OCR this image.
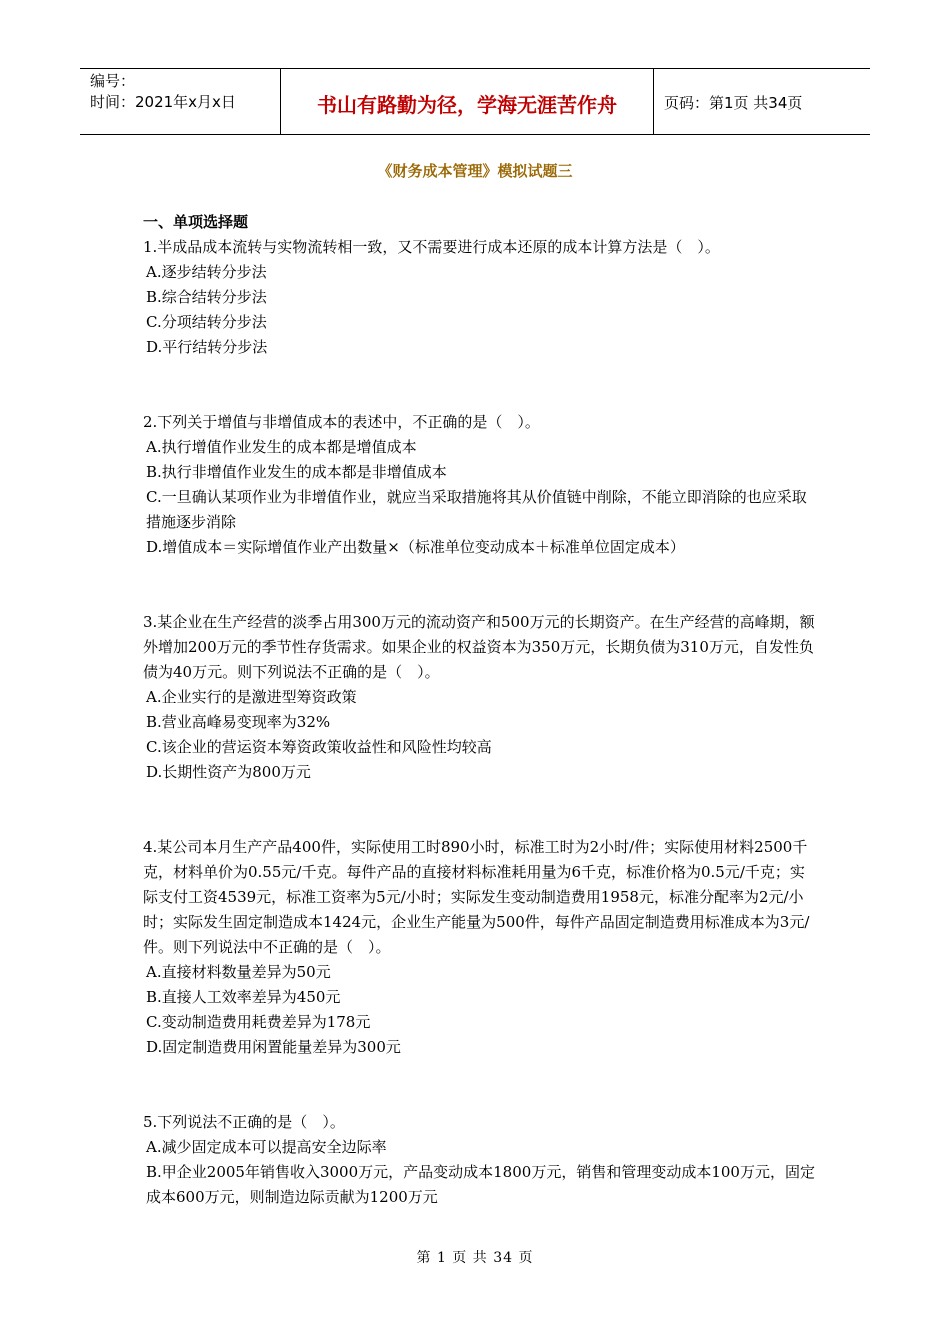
编号：
时间：2021年x月x日	书山有路勤为径，学海无涯苦作舟	页码：第1页 共34页
《财务成本管理》模拟试题三
一、单项选择题
1.半成品成本流转与实物流转相一致，又不需要进行成本还原的成本计算方法是（　）。
A.逐步结转分步法
B.综合结转分步法
C.分项结转分步法
D.平行结转分步法
2.下列关于增值与非增值成本的表述中，不正确的是（　）。
A.执行增值作业发生的成本都是增值成本
B.执行非增值作业发生的成本都是非增值成本
C.一旦确认某项作业为非增值作业，就应当采取措施将其从价值链中削除，不能立即消除的也应采取措施逐步消除
D.增值成本＝实际增值作业产出数量×（标准单位变动成本＋标准单位固定成本）
3.某企业在生产经营的淡季占用300万元的流动资产和500万元的长期资产。在生产经营的高峰期，额外增加200万元的季节性存货需求。如果企业的权益资本为350万元，长期负债为310万元，自发性负债为40万元。则下列说法不正确的是（　）。
A.企业实行的是激进型筹资政策
B.营业高峰易变现率为32%
C.该企业的营运资本筹资政策收益性和风险性均较高
D.长期性资产为800万元
4.某公司本月生产产品400件，实际使用工时890小时，标准工时为2小时/件；实际使用材料2500千克，材料单价为0.55元/千克。每件产品的直接材料标准耗用量为6千克，标准价格为0.5元/千克；实际支付工资4539元，标准工资率为5元/小时；实际发生变动制造费用1958元，标准分配率为2元/小时；实际发生固定制造成本1424元，企业生产能量为500件，每件产品固定制造费用标准成本为3元/件。则下列说法中不正确的是（　）。
A.直接材料数量差异为50元
B.直接人工效率差异为450元
C.变动制造费用耗费差异为178元
D.固定制造费用闲置能量差异为300元
5.下列说法不正确的是（　）。
A.减少固定成本可以提高安全边际率
B.甲企业2005年销售收入3000万元，产品变动成本1800万元，销售和管理变动成本100万元，固定成本600万元，则制造边际贡献为1200万元
第 1 页 共 34 页
